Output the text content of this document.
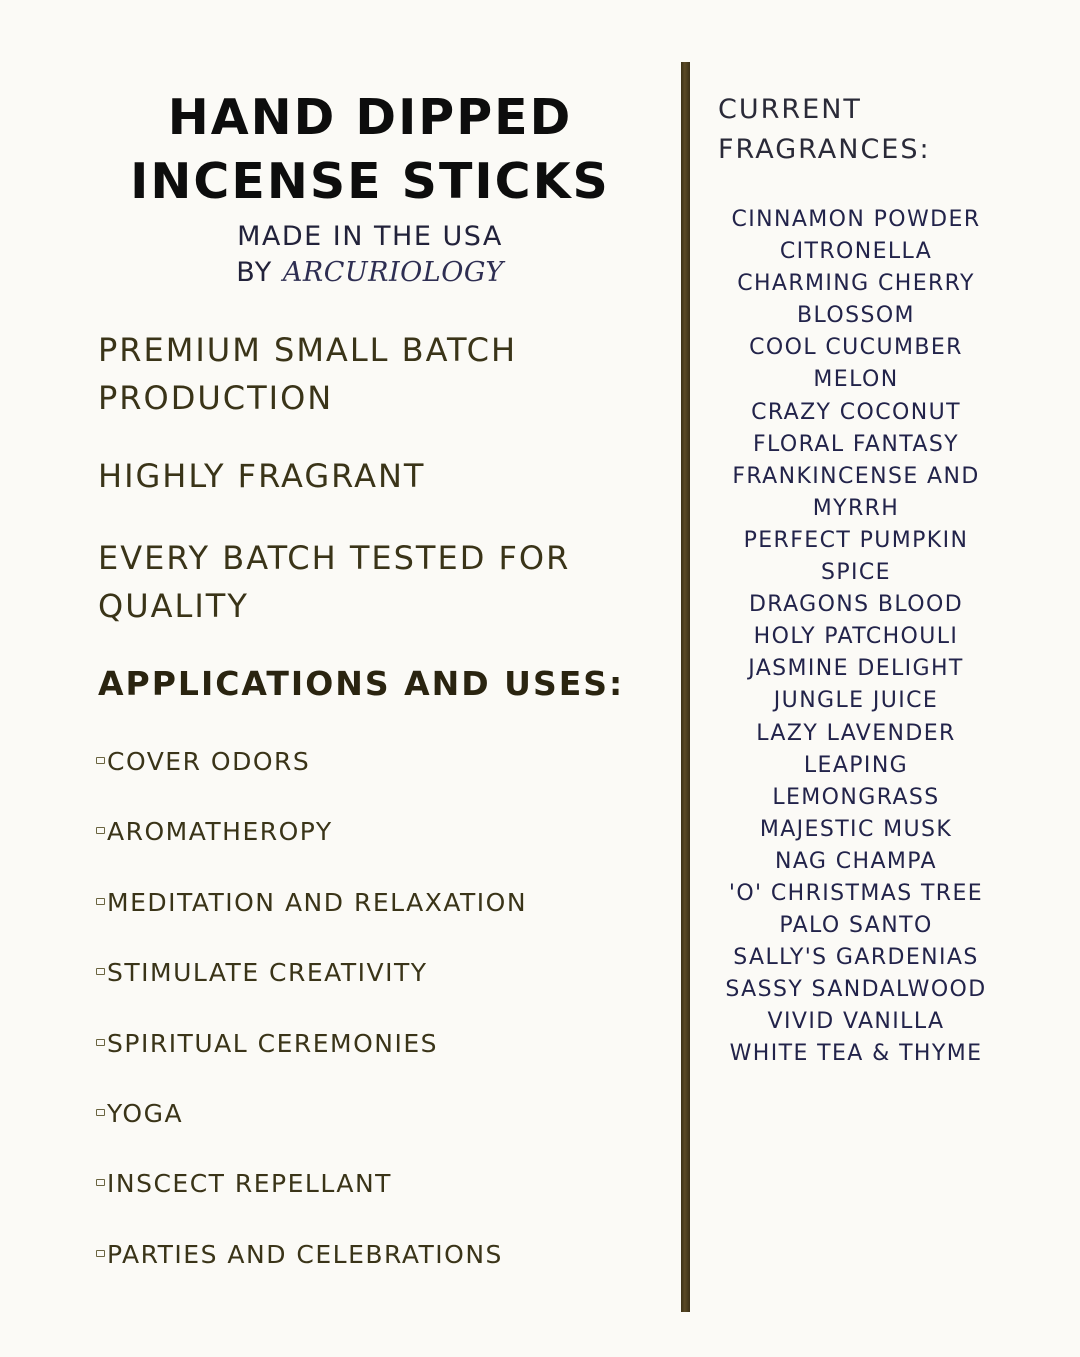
HAND DIPPED
INCENSE STICKS
MADE IN THE USA
BY ARCURIOLOGY
PREMIUM SMALL BATCH PRODUCTION
HIGHLY FRAGRANT
EVERY BATCH TESTED FOR QUALITY
APPLICATIONS AND USES:
COVER ODORS
AROMATHEROPY
MEDITATION AND RELAXATION
STIMULATE CREATIVITY
SPIRITUAL CEREMONIES
YOGA
INSCECT REPELLANT
PARTIES AND CELEBRATIONS
CURRENT
FRAGRANCES:
CINNAMON POWDER
CITRONELLA
CHARMING CHERRY
BLOSSOM
COOL CUCUMBER
MELON
CRAZY COCONUT
FLORAL FANTASY
FRANKINCENSE AND
MYRRH
PERFECT PUMPKIN
SPICE
DRAGONS BLOOD
HOLY PATCHOULI
JASMINE DELIGHT
JUNGLE JUICE
LAZY LAVENDER
LEAPING
LEMONGRASS
MAJESTIC MUSK
NAG CHAMPA
'O' CHRISTMAS TREE
PALO SANTO
SALLY'S GARDENIAS
SASSY SANDALWOOD
VIVID VANILLA
WHITE TEA & THYME
